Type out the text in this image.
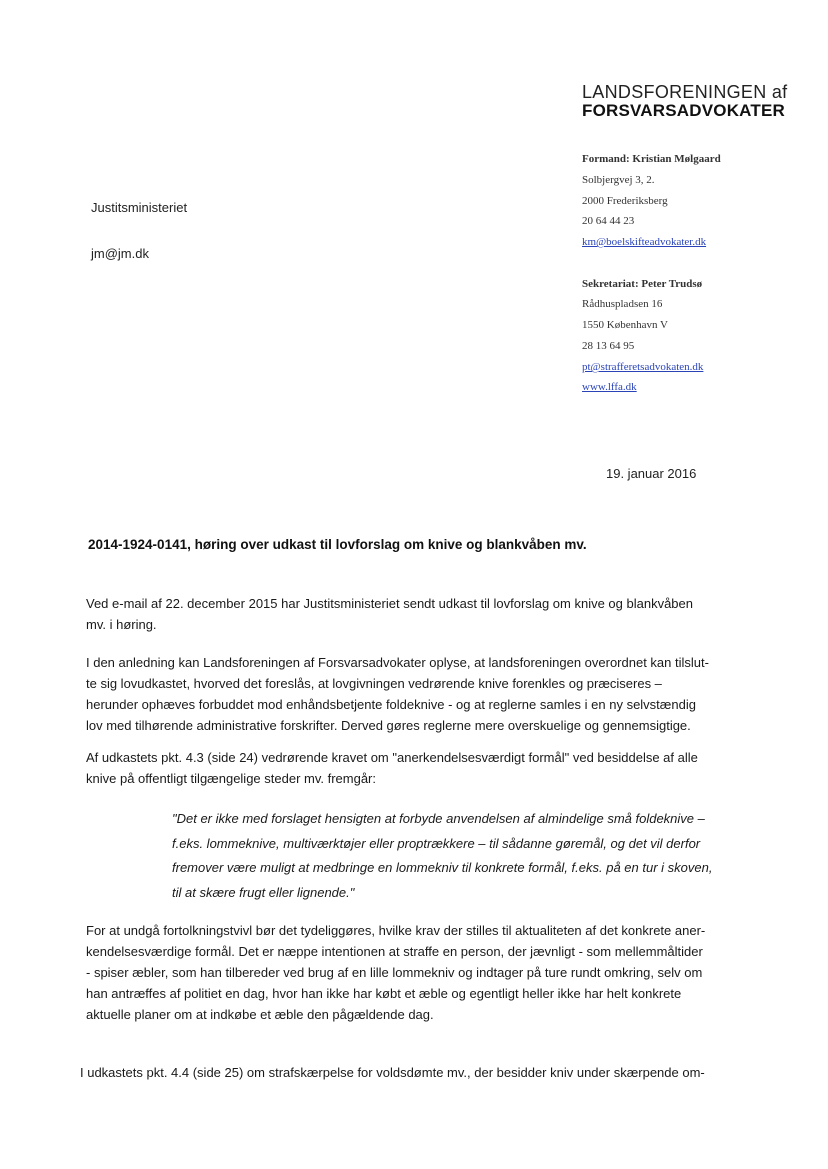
LANDSFORENINGEN af
FORSVARSADVOKATER
Formand: Kristian Mølgaard
Solbjergvej 3, 2.
2000 Frederiksberg
20 64 44 23
km@boelskifteadvokater.dk
Sekretariat: Peter Trudsø
Rådhuspladsen 16
1550 København V
28 13 64 95
pt@strafferetsadvokaten.dk
www.lffa.dk
Justitsministeriet
jm@jm.dk
19. januar 2016
2014-1924-0141, høring over udkast til lovforslag om knive og blankvåben mv.
Ved e-mail af 22. december 2015 har Justitsministeriet sendt udkast til lovforslag om knive og blankvåben
mv. i høring.
I den anledning kan Landsforeningen af Forsvarsadvokater oplyse, at landsforeningen overordnet kan tilslut-
te sig lovudkastet, hvorved det foreslås, at lovgivningen vedrørende knive forenkles og præciseres –
herunder ophæves forbuddet mod enhåndsbetjente foldeknive - og at reglerne samles i en ny selvstændig
lov med tilhørende administrative forskrifter. Derved gøres reglerne mere overskuelige og gennemsigtige.
Af udkastets pkt. 4.3 (side 24) vedrørende kravet om "anerkendelsesværdigt formål" ved besiddelse af alle
knive på offentligt tilgængelige steder mv. fremgår:
"Det er ikke med forslaget hensigten at forbyde anvendelsen af almindelige små foldeknive –
f.eks. lommeknive, multiværktøjer eller proptrækkere – til sådanne gøremål, og det vil derfor
fremover være muligt at medbringe en lommekniv til konkrete formål, f.eks. på en tur i skoven,
til at skære frugt eller lignende."
For at undgå fortolkningstvivl bør det tydeliggøres, hvilke krav der stilles til aktualiteten af det konkrete aner-
kendelsesværdige formål. Det er næppe intentionen at straffe en person, der jævnligt - som mellemmåltider
- spiser æbler, som han tilbereder ved brug af en lille lommekniv og indtager på ture rundt omkring, selv om
han antræffes af politiet en dag, hvor han ikke har købt et æble og egentligt heller ikke har helt konkrete
aktuelle planer om at indkøbe et æble den pågældende dag.
I udkastets pkt. 4.4 (side 25) om strafskærpelse for voldsdømte mv., der besidder kniv under skærpende om-
